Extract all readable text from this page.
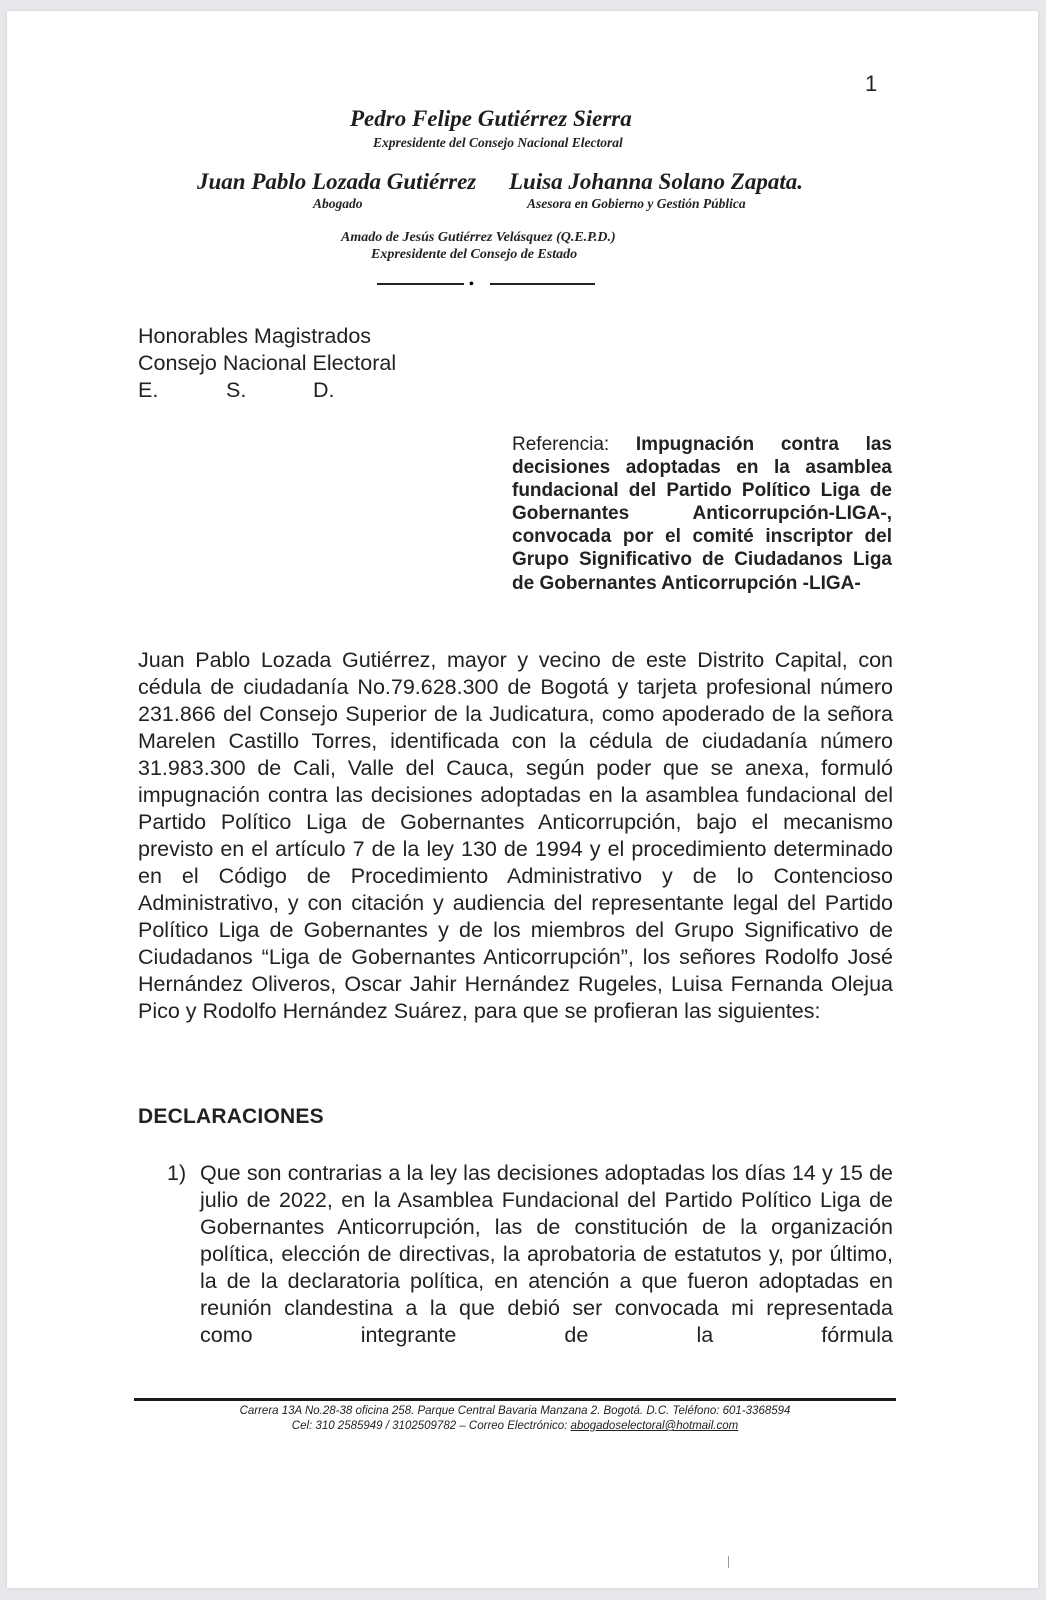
1
Pedro Felipe Gutiérrez Sierra
Expresidente del Consejo Nacional Electoral
Juan Pablo Lozada Gutiérrez
Abogado
Luisa Johanna Solano Zapata.
Asesora en Gobierno y Gestión Pública
Amado de Jesús Gutiérrez Velásquez (Q.E.P.D.)
Expresidente del Consejo de Estado
•
Honorables Magistrados
Consejo Nacional Electoral
E.	S.	D.
Referencia: Impugnación contra las decisiones adoptadas en la asamblea fundacional del Partido Político Liga de Gobernantes Anticorrupción-LIGA-, convocada por el comité inscriptor del Grupo Significativo de Ciudadanos Liga de Gobernantes Anticorrupción -LIGA-
Juan Pablo Lozada Gutiérrez, mayor y vecino de este Distrito Capital, con cédula de ciudadanía No.79.628.300 de Bogotá y tarjeta profesional número 231.866 del Consejo Superior de la Judicatura, como apoderado de la señora Marelen Castillo Torres, identificada con la cédula de ciudadanía número 31.983.300 de Cali, Valle del Cauca, según poder que se anexa, formuló impugnación contra las decisiones adoptadas en la asamblea fundacional del Partido Político Liga de Gobernantes Anticorrupción, bajo el mecanismo previsto en el artículo 7 de la ley 130 de 1994 y el procedimiento determinado en el Código de Procedimiento Administrativo y de lo Contencioso Administrativo, y con citación y audiencia del representante legal del Partido Político Liga de Gobernantes y de los miembros del Grupo Significativo de Ciudadanos “Liga de Gobernantes Anticorrupción”, los señores Rodolfo José Hernández Oliveros, Oscar Jahir Hernández Rugeles, Luisa Fernanda Olejua Pico y Rodolfo Hernández Suárez, para que se profieran las siguientes:
DECLARACIONES
1) Que son contrarias a la ley las decisiones adoptadas los días 14 y 15 de julio de 2022, en la Asamblea Fundacional del Partido Político Liga de Gobernantes Anticorrupción, las de constitución de la organización política, elección de directivas, la aprobatoria de estatutos y, por último, la de la declaratoria política, en atención a que fueron adoptadas en reunión clandestina a la que debió ser convocada mi representada como integrante de la fórmula
Carrera 13A No.28-38 oficina 258. Parque Central Bavaria Manzana 2. Bogotá. D.C. Teléfono: 601-3368594
Cel: 310 2585949 / 3102509782 – Correo Electrónico: abogadoselectoral@hotmail.com
